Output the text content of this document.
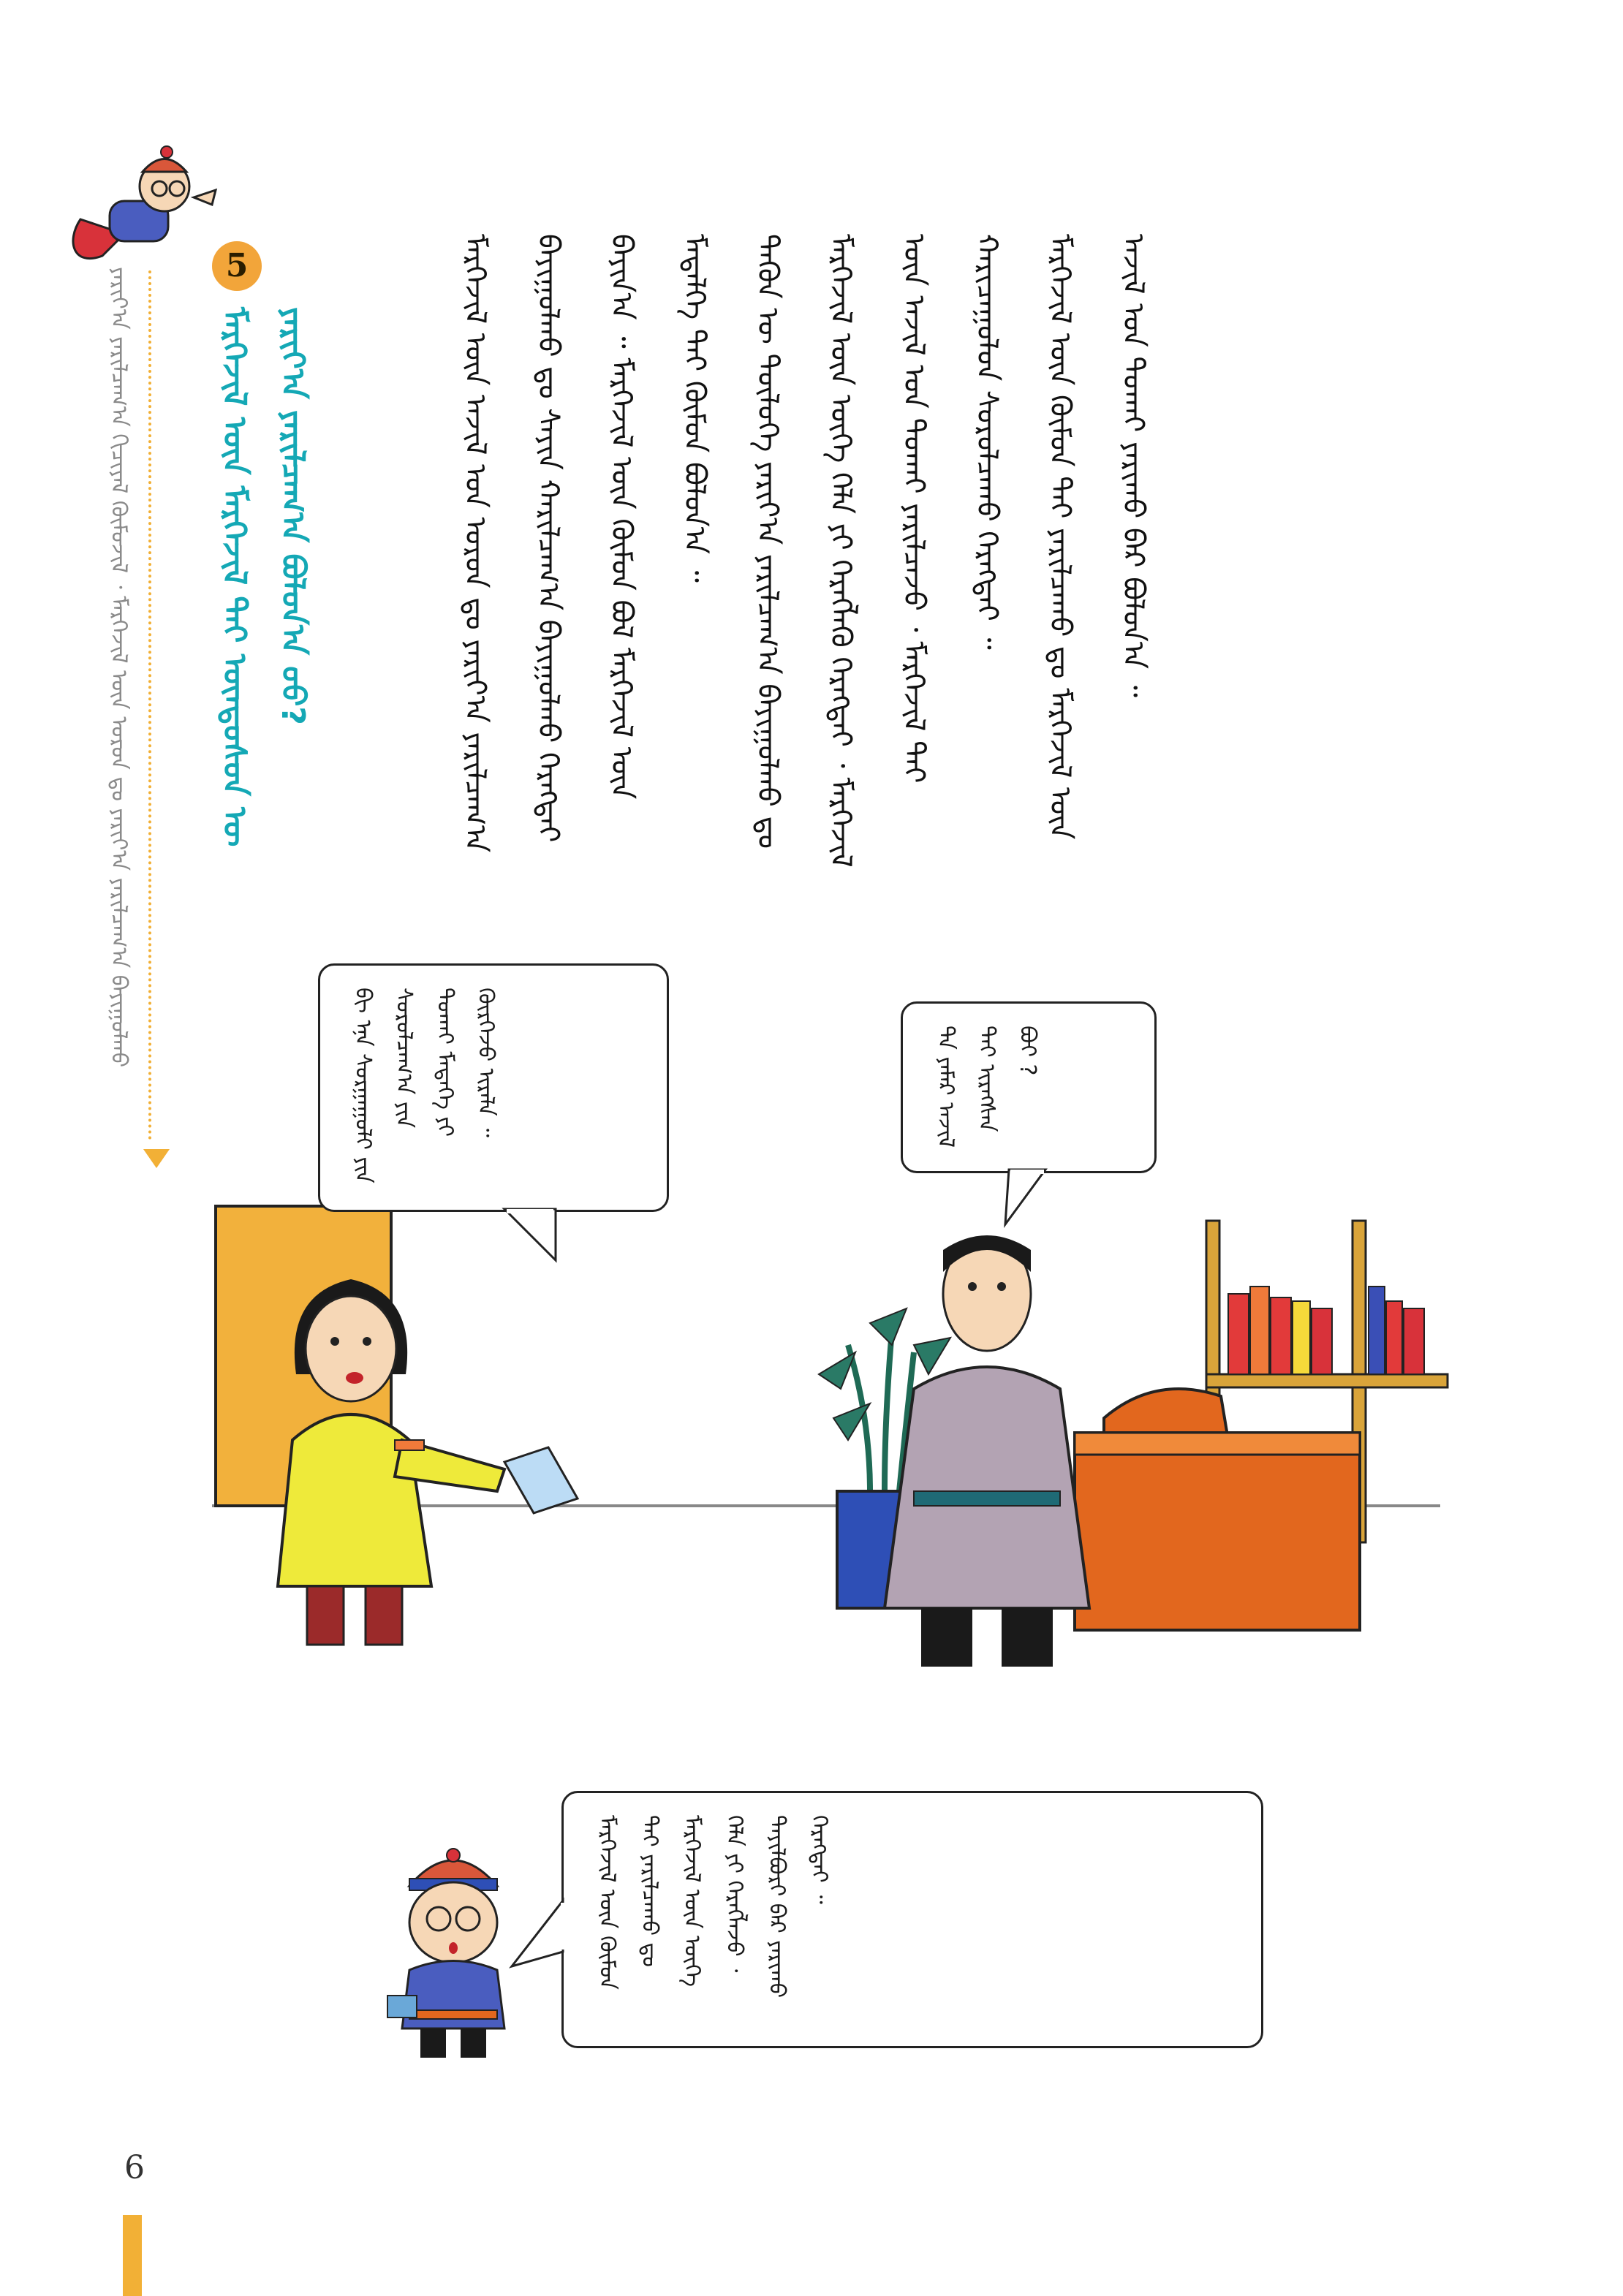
ᠶᠠᠷᠢᠶ᠎ᠠ ᠶᠠᠷᠢᠯᠴᠠᠭ᠎ᠠ ᠬᠢᠴᠢᠶᠡᠯ ᠬᠥᠮᠦᠵᠢᠯ ᠂ ᠮᠡᠷᠭᠡᠵᠢᠯ ᠦᠨ ᠣᠷᠤᠨ ᠳᠤ ᠶᠠᠷᠢᠶ᠎ᠠ ᠶᠠᠷᠢᠯᠴᠠᠭ᠎ᠠ ᠪᠠᠶᠢᠭᠤᠯᠬᠤ
5
ᠮᠡᠷᠭᠡᠵᠢᠯ ᠦᠨ ᠮᠡᠷᠭᠡᠵᠢᠯ ᠲᠡᠢ ᠦᠨᠳᠦᠰᠦᠨ ᠦ ᠶᠠᠷᠢᠶ᠎ᠠ ᠶᠠᠷᠢᠯᠴᠠᠭ᠎ᠠ ᠪᠣᠯᠣᠨ᠎ᠠ ᠤᠤ?	ᠮᠡᠷᠭᠡᠵᠢᠯ ᠦᠨ ᠠᠵᠢᠯ ᠤᠨ ᠣᠷᠤᠨ ᠳᠤ ᠶᠠᠷᠢᠶ᠎ᠠ ᠶᠠᠷᠢᠯᠴᠠᠭ᠎ᠠ ᠪᠠᠶᠢᠭᠤᠯᠬᠤ ᠳᠤ ᠰᠠᠶᠢᠨ ᠬᠠᠷᠢᠯᠴᠠᠭ᠎ᠠ ᠪᠠᠶᠢᠭᠤᠯᠬᠤ ᠬᠡᠷᠡᠭᠲᠡᠢ ᠪᠠᠶᠢᠨ᠎ᠠ ᠃ ᠮᠡᠷᠭᠡᠵᠢᠯ ᠦᠨ ᠬᠦᠮᠦᠨ ᠪᠣᠯ ᠮᠡᠷᠭᠡᠵᠢᠯ ᠦᠨ ᠮᠡᠳᠡᠯᠭᠡ ᠲᠡᠢ ᠬᠦᠮᠦᠨ ᠪᠣᠯᠤᠨ᠎ᠠ ᠃	ᠲᠡᠭᠦᠨ ᠦ ᠲᠥᠯᠦᠭᠡ ᠶᠠᠷᠢᠶ᠎ᠠ ᠶᠠᠷᠢᠯᠴᠠᠭ᠎ᠠ ᠪᠠᠶᠢᠭᠤᠯᠬᠤ ᠳᠤ ᠮᠡᠷᠭᠡᠵᠢᠯ ᠦᠨ ᠦᠭᠡ ᠬᠡᠯᠡ ᠶᠢ ᠬᠡᠷᠡᠭᠯᠡᠬᠦ ᠬᠡᠷᠡᠭᠲᠡᠢ ᠂ ᠮᠡᠷᠭᠡᠵᠢᠯ ᠦᠨ ᠠᠵᠢᠯ ᠤᠨ ᠲᠤᠬᠠᠢ ᠶᠠᠷᠢᠯᠴᠠᠵᠤ ᠂ ᠮᠡᠷᠭᠡᠵᠢᠯ ᠲᠡᠢ ᠬᠠᠷᠢᠴᠠᠭᠤᠯᠤᠨ ᠰᠤᠷᠤᠯᠴᠠᠬᠤ ᠬᠡᠷᠡᠭᠲᠡᠢ ᠃	ᠮᠡᠷᠭᠡᠵᠢᠯ ᠦᠨ ᠬᠦᠮᠦᠨ ᠲᠡᠢ ᠶᠠᠷᠢᠯᠴᠠᠬᠤ ᠳᠤ ᠮᠡᠷᠭᠡᠵᠢᠯ ᠦᠨ ᠠᠵᠢᠯ ᠤᠨ ᠲᠤᠬᠠᠢ ᠶᠠᠷᠢᠬᠤ ᠪᠠᠷ ᠪᠣᠯᠣᠨ᠎ᠠ ᠃

ᠲᠠ ᠶᠠᠮᠠᠷ ᠠᠵᠢᠯ ᠲᠠᠢ ᠢᠷᠡᠭᠰᠡᠨ ᠪᠤᠢ ?
ᠪᠢ ᠡᠨᠡ ᠰᠤᠷᠭᠠᠭᠤᠯᠢ ᠶᠢᠨ ᠰᠤᠷᠤᠯᠴᠠᠭ᠎ᠠ ᠶᠢᠨ ᠲᠤᠬᠠᠢ ᠮᠡᠳᠡᠭᠡ ᠶᠢ ᠬᠦᠷᠭᠡᠵᠦ ᠢᠷᠡᠯᠡ ᠃
ᠮᠡᠷᠭᠡᠵᠢᠯ ᠦᠨ ᠬᠦᠮᠦᠨ ᠲᠡᠢ ᠶᠠᠷᠢᠯᠴᠠᠬᠤ ᠳᠤ ᠮᠡᠷᠭᠡᠵᠢᠯ ᠦᠨ ᠦᠭᠡ ᠬᠡᠯᠡ ᠶᠢ ᠬᠡᠷᠡᠭᠯᠡᠵᠦ ᠂ ᠲᠠᠶᠢᠯᠪᠤᠷᠢ ᠪᠡᠷ ᠶᠠᠷᠢᠬᠤ ᠬᠡᠷᠡᠭᠲᠡᠢ ᠃
6
